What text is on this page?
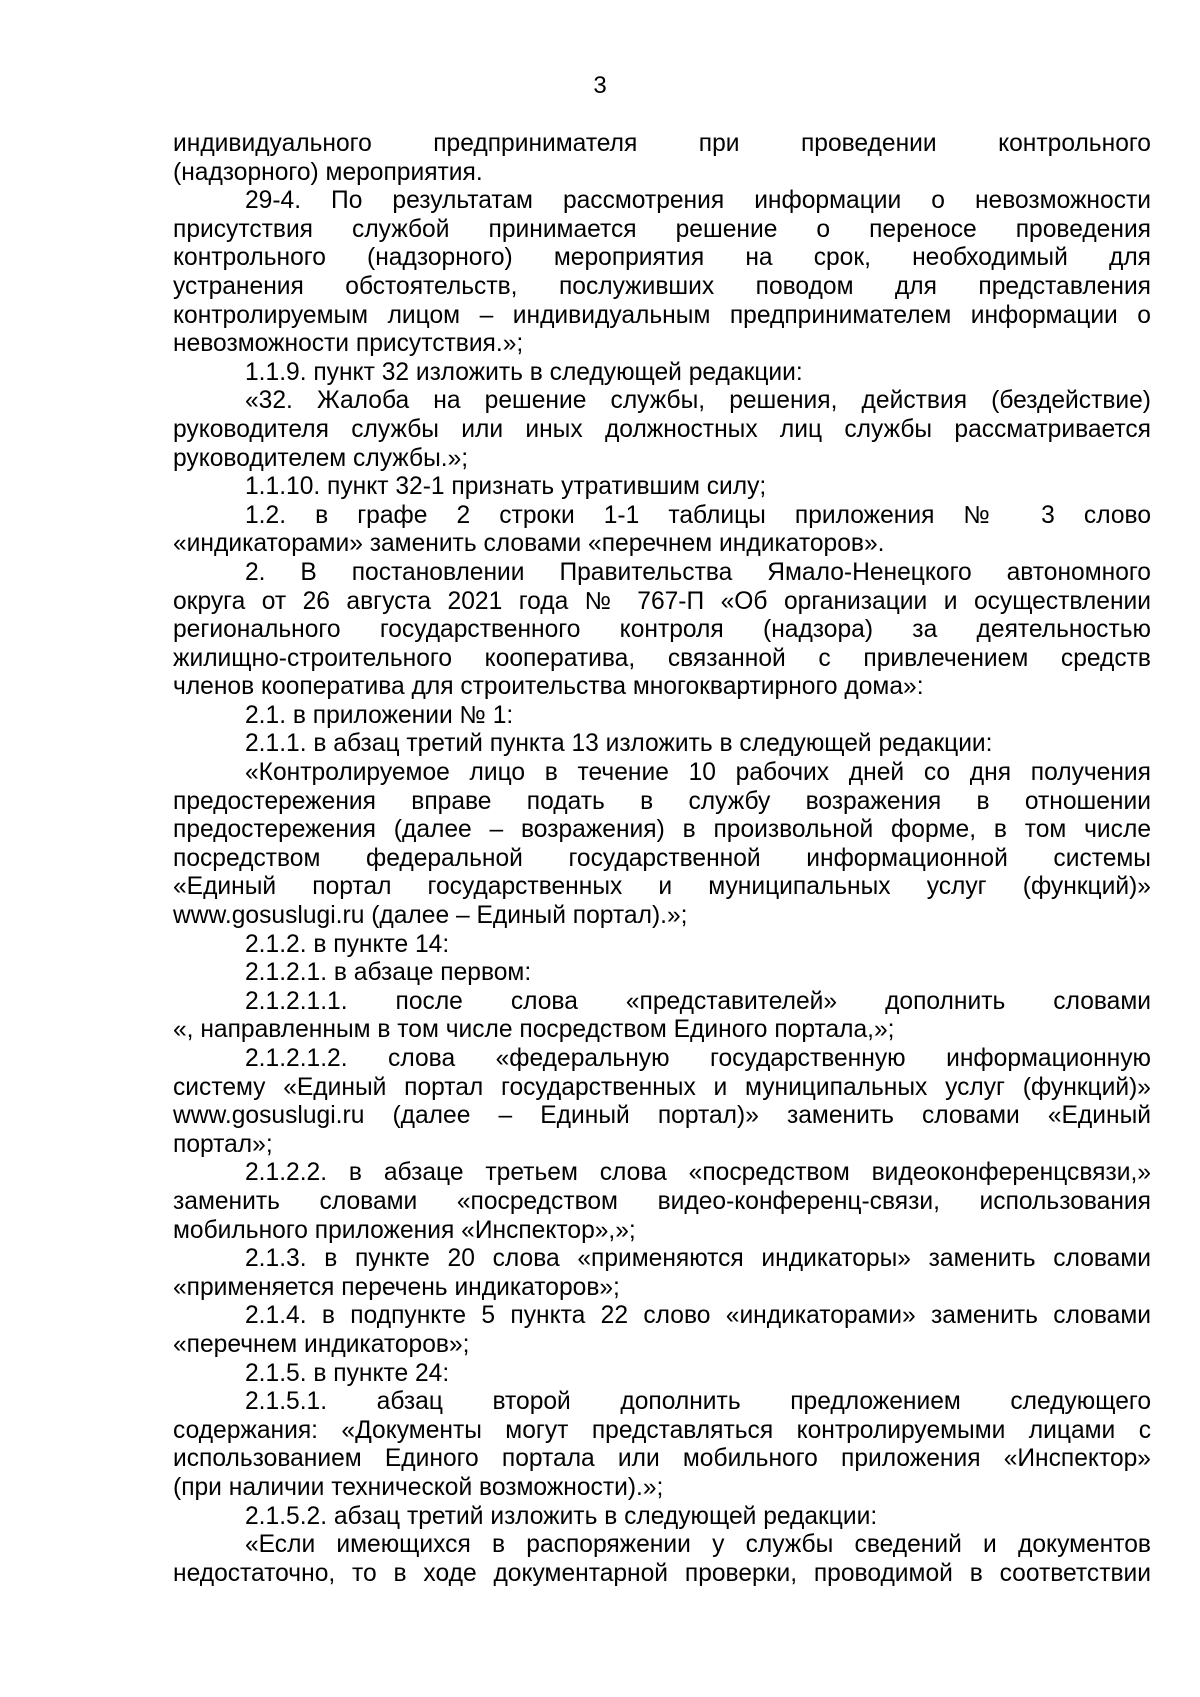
3
индивидуального предпринимателя при проведении контрольного
(надзорного) мероприятия.
29-4. По результатам рассмотрения информации о невозможности
присутствия службой принимается решение о переносе проведения
контрольного (надзорного) мероприятия на срок, необходимый для
устранения обстоятельств, послуживших поводом для представления
контролируемым лицом – индивидуальным предпринимателем информации о
невозможности присутствия.»;
1.1.9. пункт 32 изложить в следующей редакции:
«32. Жалоба на решение службы, решения, действия (бездействие)
руководителя службы или иных должностных лиц службы рассматривается
руководителем службы.»;
1.1.10. пункт 32-1 признать утратившим силу;
1.2. в графе 2 строки 1-1 таблицы приложения № 3 слово
«индикаторами» заменить словами «перечнем индикаторов».
2. В постановлении Правительства Ямало-Ненецкого автономного
округа от 26 августа 2021 года № 767-П «Об организации и осуществлении
регионального государственного контроля (надзора) за деятельностью
жилищно-строительного кооператива, связанной с привлечением средств
членов кооператива для строительства многоквартирного дома»:
2.1. в приложении № 1:
2.1.1. в абзац третий пункта 13 изложить в следующей редакции:
«Контролируемое лицо в течение 10 рабочих дней со дня получения
предостережения вправе подать в службу возражения в отношении
предостережения (далее – возражения) в произвольной форме, в том числе
посредством федеральной государственной информационной системы
«Единый портал государственных и муниципальных услуг (функций)»
www.gosuslugi.ru (далее – Единый портал).»;
2.1.2. в пункте 14:
2.1.2.1. в абзаце первом:
2.1.2.1.1. после слова «представителей» дополнить словами
«, направленным в том числе посредством Единого портала,»;
2.1.2.1.2. слова «федеральную государственную информационную
систему «Единый портал государственных и муниципальных услуг (функций)»
www.gosuslugi.ru (далее – Единый портал)» заменить словами «Единый
портал»;
2.1.2.2. в абзаце третьем слова «посредством видеоконференцсвязи,»
заменить словами «посредством видео-конференц-связи, использования
мобильного приложения «Инспектор»,»;
2.1.3. в пункте 20 слова «применяются индикаторы» заменить словами
«применяется перечень индикаторов»;
2.1.4. в подпункте 5 пункта 22 слово «индикаторами» заменить словами
«перечнем индикаторов»;
2.1.5. в пункте 24:
2.1.5.1. абзац второй дополнить предложением следующего
содержания: «Документы могут представляться контролируемыми лицами с
использованием Единого портала или мобильного приложения «Инспектор»
(при наличии технической возможности).»;
2.1.5.2. абзац третий изложить в следующей редакции:
«Если имеющихся в распоряжении у службы сведений и документов
недостаточно, то в ходе документарной проверки, проводимой в соответствии
